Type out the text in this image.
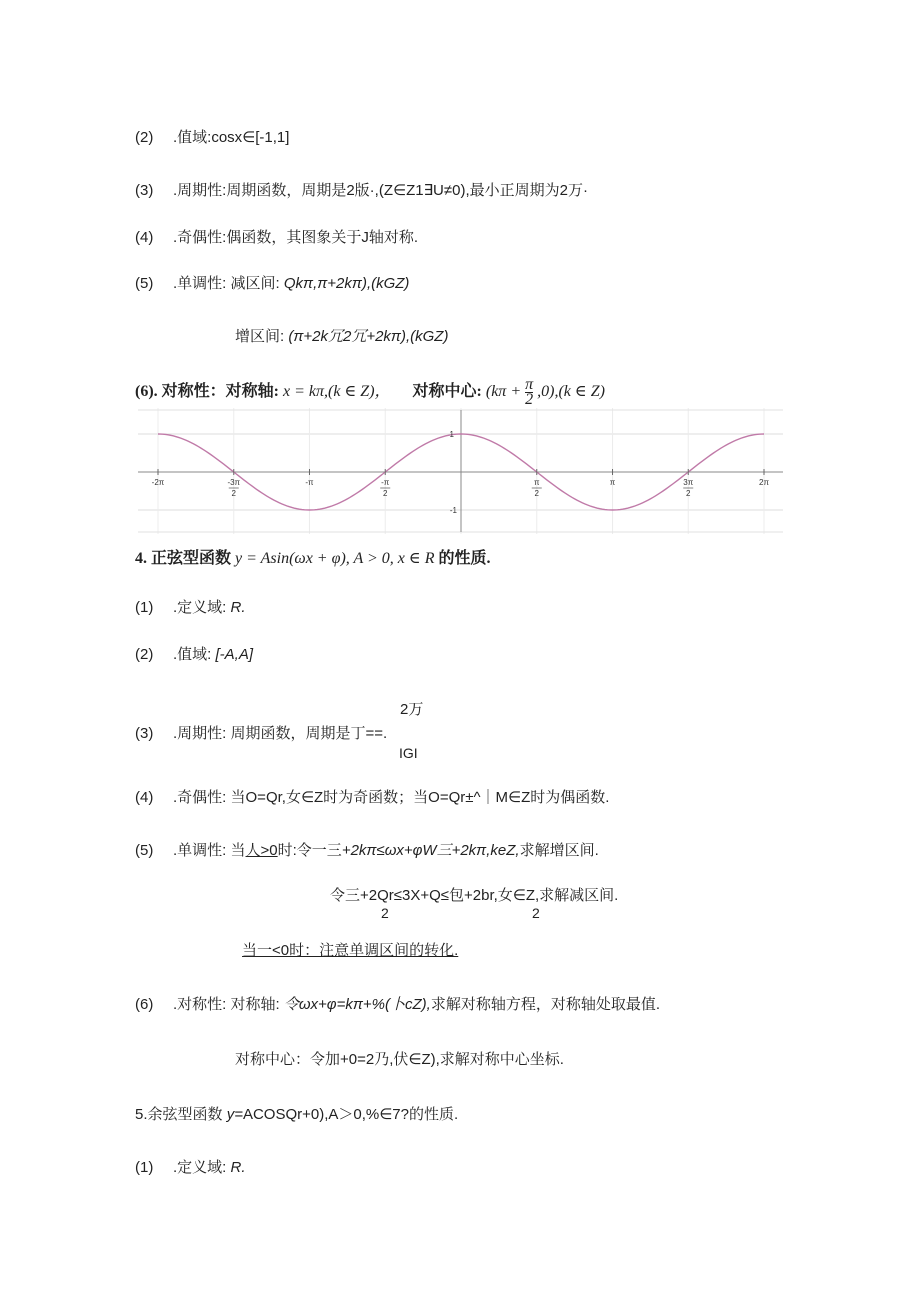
(2) .值域:cosx∈[-1,1]
(3) .周期性:周期函数，周期是2版·,(Z∈Z1∃U≠0),最小正周期为2万·
(4) .奇偶性:偶函数，其图象关于J轴对称.
(5) .单调性: 减区间: Qkπ,π+2kπ),(kGZ)
增区间: (π+2k冗2冗+2kπ),(kGZ)
(6). 对称性：对称轴: x = kπ,(k ∈ Z)， 对称中心: $(k\pi + \frac{\pi}{2} ,0),(k$ ∈ Z)
-2π	-3π
2
-π	-π
2
π
2
π	3π
2
2π
1
-1
4. 正弦型函数 y = Asin(ωx + φ), A > 0, x ∈ R 的性质.
(1) .定义域: R.
(2) .值域: [-A,A]
2万
(3) .周期性: 周期函数，周期是丁==.
IGI
(4) .奇偶性: 当O=Qr,女∈Z时为奇函数；当O=Qr±^｜M∈Z时为偶函数.
(5) .单调性: 当人>0时:令一三+2kπ≤ωx+φW三+2kπ,keZ,求解增区间.
令三+2Qr≤3X+Q≤包+2br,女∈Z,求解减区间.
2	2
当一<0时：注意单调区间的转化.
(6) .对称性: 对称轴: 令ωx+φ=kπ+%(卜cZ),求解对称轴方程，对称轴处取最值.
对称中心：令加+0=2乃,伏∈Z),求解对称中心坐标.
5.余弦型函数 y=ACOSQr+0),A＞0,%∈7?的性质.
(1) .定义域: R.
